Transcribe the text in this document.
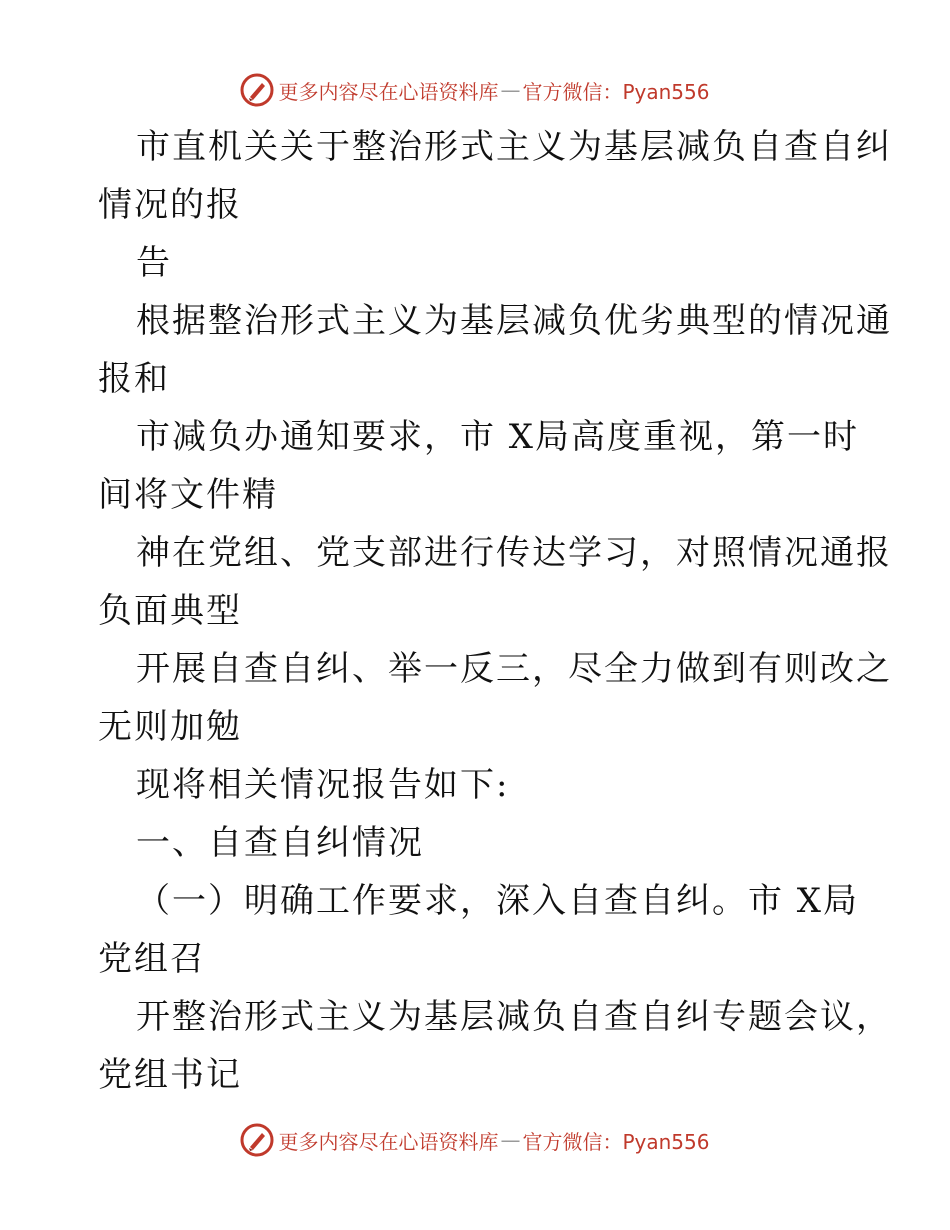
更多内容尽在心语资料库 — 官方微信：Pyan556
市直机关关于整治形式主义为基层减负自查自纠
情况的报
告
根据整治形式主义为基层减负优劣典型的情况通
报和
市减负办通知要求，市 X局高度重视，第一时
间将文件精
神在党组、党支部进行传达学习，对照情况通报
负面典型
开展自查自纠、举一反三，尽全力做到有则改之
无则加勉
现将相关情况报告如下:
一、自查自纠情况
（一）明确工作要求，深入自查自纠。市 X局
党组召
开整治形式主义为基层减负自查自纠专题会议，
党组书记
更多内容尽在心语资料库 — 官方微信：Pyan556
